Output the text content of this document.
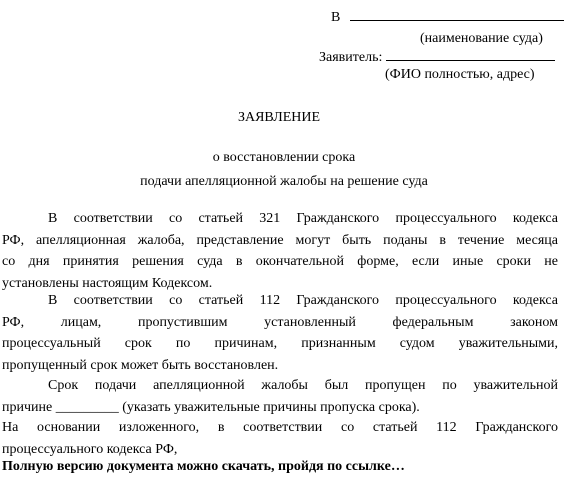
В
(наименование суда)
Заявитель:
(ФИО полностью, адрес)
ЗАЯВЛЕНИЕ
о восстановлении срока
подачи апелляционной жалобы на решение суда
В соответствии со статьей 321 Гражданского процессуального кодекса
РФ, апелляционная жалоба, представление могут быть поданы в течение месяца
со дня принятия решения суда в окончательной форме, если иные сроки не
установлены настоящим Кодексом.
В соответствии со статьей 112 Гражданского процессуального кодекса
РФ, лицам, пропустившим установленный федеральным законом
процессуальный срок по причинам, признанным судом уважительными,
пропущенный срок может быть восстановлен.
Срок подачи апелляционной жалобы был пропущен по уважительной
причине _________ (указать уважительные причины пропуска срока).
На основании изложенного, в соответствии со статьей 112 Гражданского
процессуального кодекса РФ,
Полную версию документа можно скачать, пройдя по ссылке…
